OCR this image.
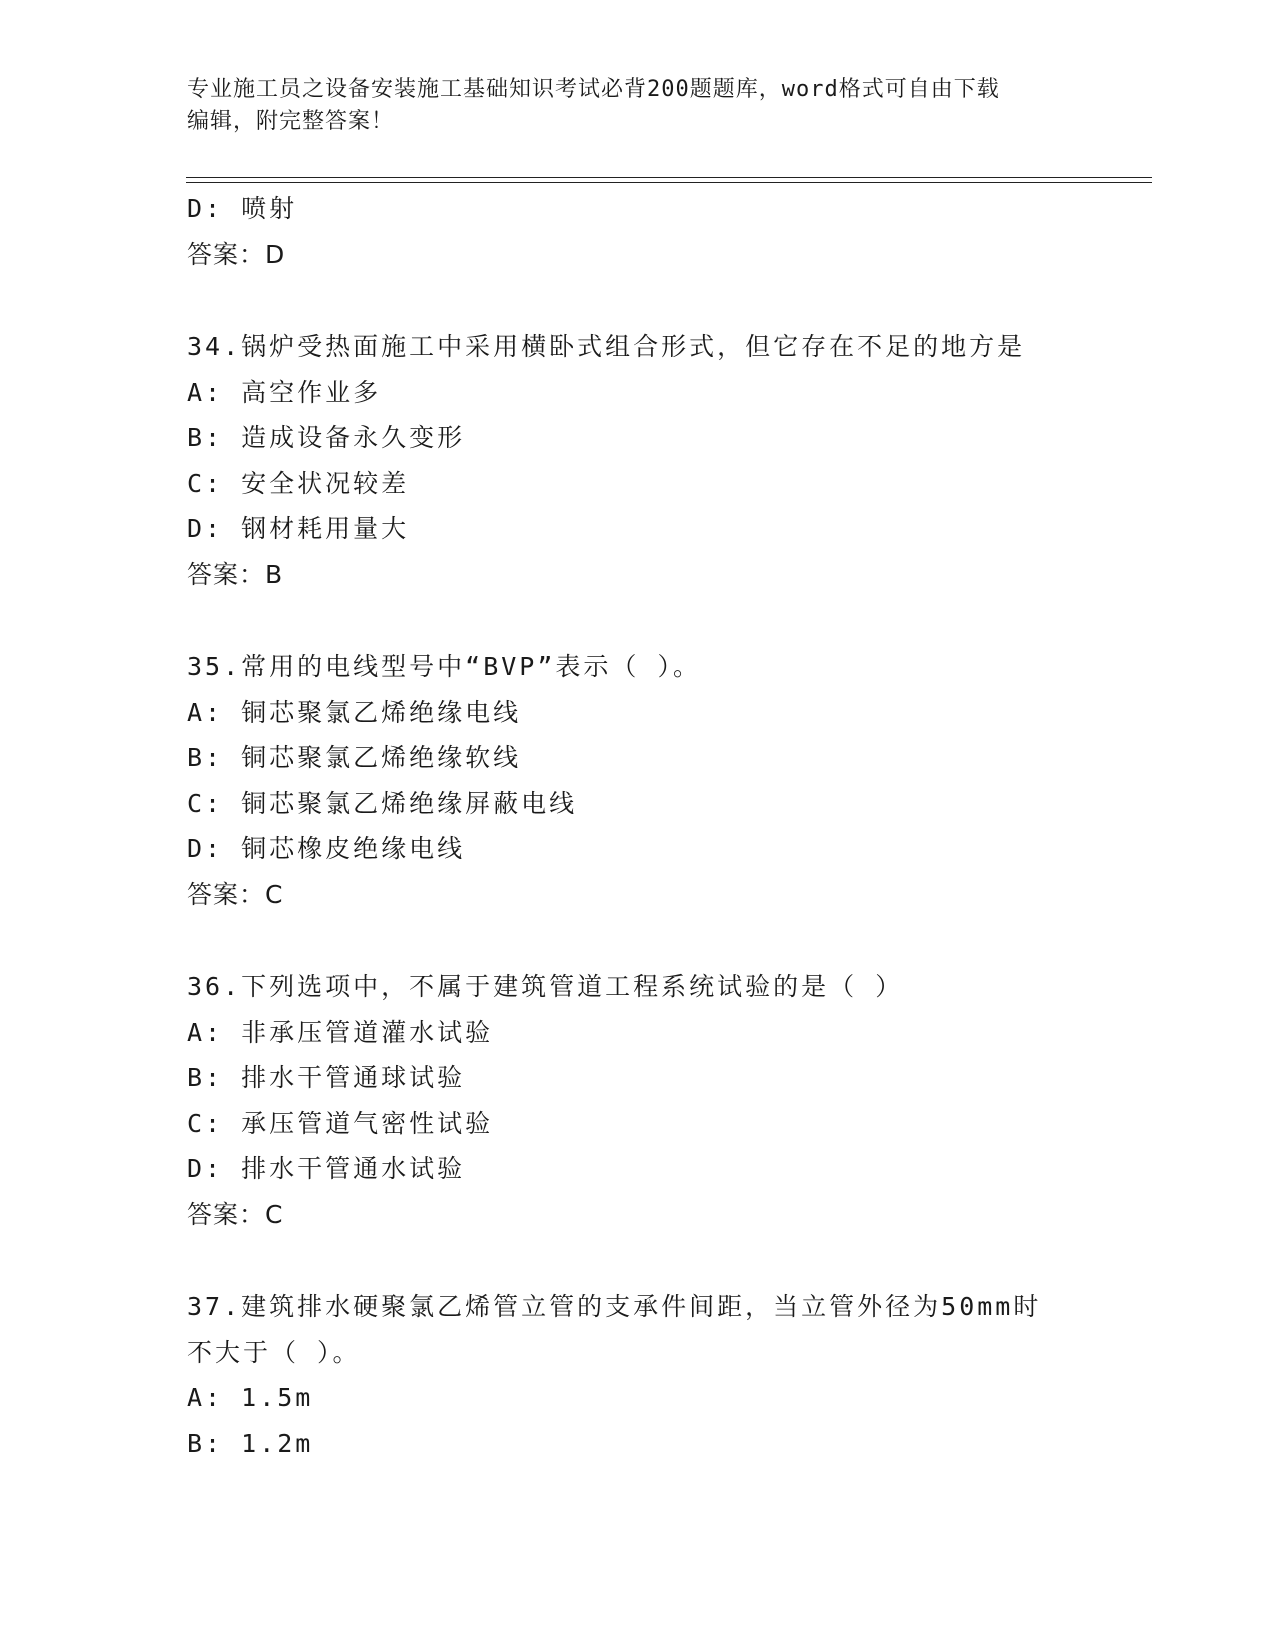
专业施工员之设备安装施工基础知识考试必背200题题库，word格式可自由下载
编辑，附完整答案！
D: 喷射
答案：D
34.锅炉受热面施工中采用横卧式组合形式，但它存在不足的地方是
A: 高空作业多
B: 造成设备永久变形
C: 安全状况较差
D: 钢材耗用量大
答案：B
35.常用的电线型号中“BVP”表示（ ）。
A: 铜芯聚氯乙烯绝缘电线
B: 铜芯聚氯乙烯绝缘软线
C: 铜芯聚氯乙烯绝缘屏蔽电线
D: 铜芯橡皮绝缘电线
答案：C
36.下列选项中，不属于建筑管道工程系统试验的是（ ）
A: 非承压管道灌水试验
B: 排水干管通球试验
C: 承压管道气密性试验
D: 排水干管通水试验
答案：C
37.建筑排水硬聚氯乙烯管立管的支承件间距，当立管外径为50mm时
不大于（ ）。
A: 1.5m
B: 1.2m
